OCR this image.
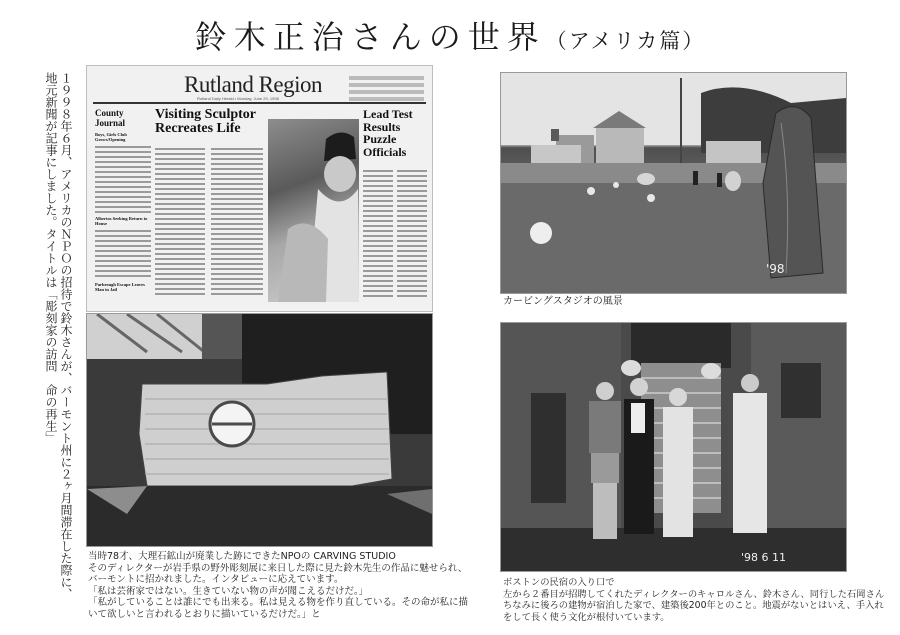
鈴木正治さんの世界（アメリカ篇）
地元新聞が記事にしました。タイトルは「彫刻家の訪問　命の再生」 １９９８年６月、アメリカのＮＰＯの招待で鈴木さんが、バーモント州に２ヶ月間滞在した際に、	Rutland Region
Rutland Daily Herald • Monday, June 29, 1998
County
Journal
Boys, Girls Club Grows/Opening
Albertos Seeking Return to House
Parbrough Escape Leaves Man in Jail
Visiting Sculptor Recreates Life
Lead Test Results Puzzle Officials
'98
カービングスタジオの風景
当時78才、大理石鉱山が廃業した跡にできたNPOの CARVING STUDIO
そのディレクターが岩手県の野外彫刻展に来日した際に見た鈴木先生の作品に魅せられ、
バーモントに招かれました。インタビューに応えています。
「私は芸術家ではない。生きていない物の声が聞こえるだけだ。」
「私がしていることは誰にでも出来る。私は見える物を作り直している。その命が私に描
いて欲しいと言われるとおりに描いているだけだ。」と
'98 6 11
ボストンの民宿の入り口で
左から２番目が招聘してくれたディレクターのキャロルさん、鈴木さん、同行した石岡さん
ちなみに後ろの建物が宿泊した家で、建築後200年とのこと。地震がないとはいえ、手入れ
をして長く使う文化が根付いています。
